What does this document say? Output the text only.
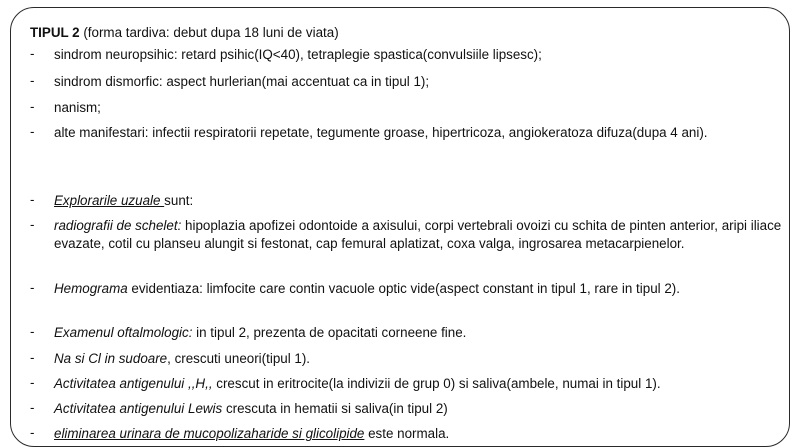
TIPUL 2 (forma tardiva: debut dupa 18 luni de viata)
- sindrom neuropsihic: retard psihic(IQ<40), tetraplegie spastica(convulsiile lipsesc);
- sindrom dismorfic: aspect hurlerian(mai accentuat ca in tipul 1);
- nanism;
- alte manifestari: infectii respiratorii repetate, tegumente groase, hipertricoza, angiokeratoza difuza(dupa 4 ani).
- Explorarile uzuale sunt:
- radiografii de schelet: hipoplazia apofizei odontoide a axisului, corpi vertebrali ovoizi cu schita de pinten anterior, aripi iliace evazate, cotil cu planseu alungit si festonat, cap femural aplatizat, coxa valga, ingrosarea metacarpienelor.
- Hemograma evidentiaza: limfocite care contin vacuole optic vide(aspect constant in tipul 1, rare in tipul 2).
- Examenul oftalmologic: in tipul 2, prezenta de opacitati corneene fine.
- Na si Cl in sudoare, crescuti uneori(tipul 1).
- Activitatea antigenului ,,H,, crescut in eritrocite(la indivizii de grup 0) si saliva(ambele, numai in tipul 1).
- Activitatea antigenului Lewis crescuta in hematii si saliva(in tipul 2)
- eliminarea urinara de mucopolizaharide si glicolipide este normala.
